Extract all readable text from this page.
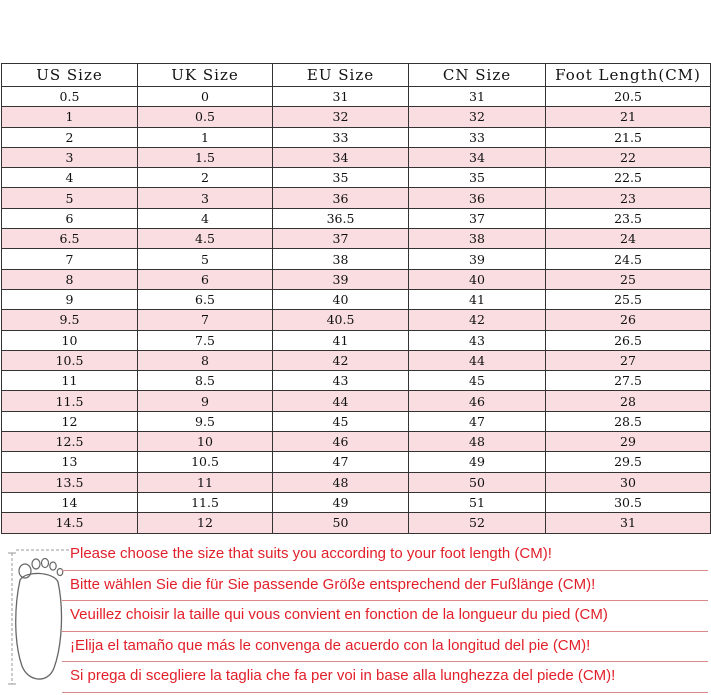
US Size	UK Size	EU Size	CN Size	Foot Length(CM)
0.5	0	31	31	20.5
1	0.5	32	32	21
2	1	33	33	21.5
3	1.5	34	34	22
4	2	35	35	22.5
5	3	36	36	23
6	4	36.5	37	23.5
6.5	4.5	37	38	24
7	5	38	39	24.5
8	6	39	40	25
9	6.5	40	41	25.5
9.5	7	40.5	42	26
10	7.5	41	43	26.5
10.5	8	42	44	27
11	8.5	43	45	27.5
11.5	9	44	46	28
12	9.5	45	47	28.5
12.5	10	46	48	29
13	10.5	47	49	29.5
13.5	11	48	50	30
14	11.5	49	51	30.5
14.5	12	50	52	31
Please choose the size that suits you according to your foot length (CM)!
Bitte wählen Sie die für Sie passende Größe entsprechend der Fußlänge (CM)!
Veuillez choisir la taille qui vous convient en fonction de la longueur du pied (CM)
¡Elija el tamaño que más le convenga de acuerdo con la longitud del pie (CM)!
Si prega di scegliere la taglia che fa per voi in base alla lunghezza del piede (CM)!
